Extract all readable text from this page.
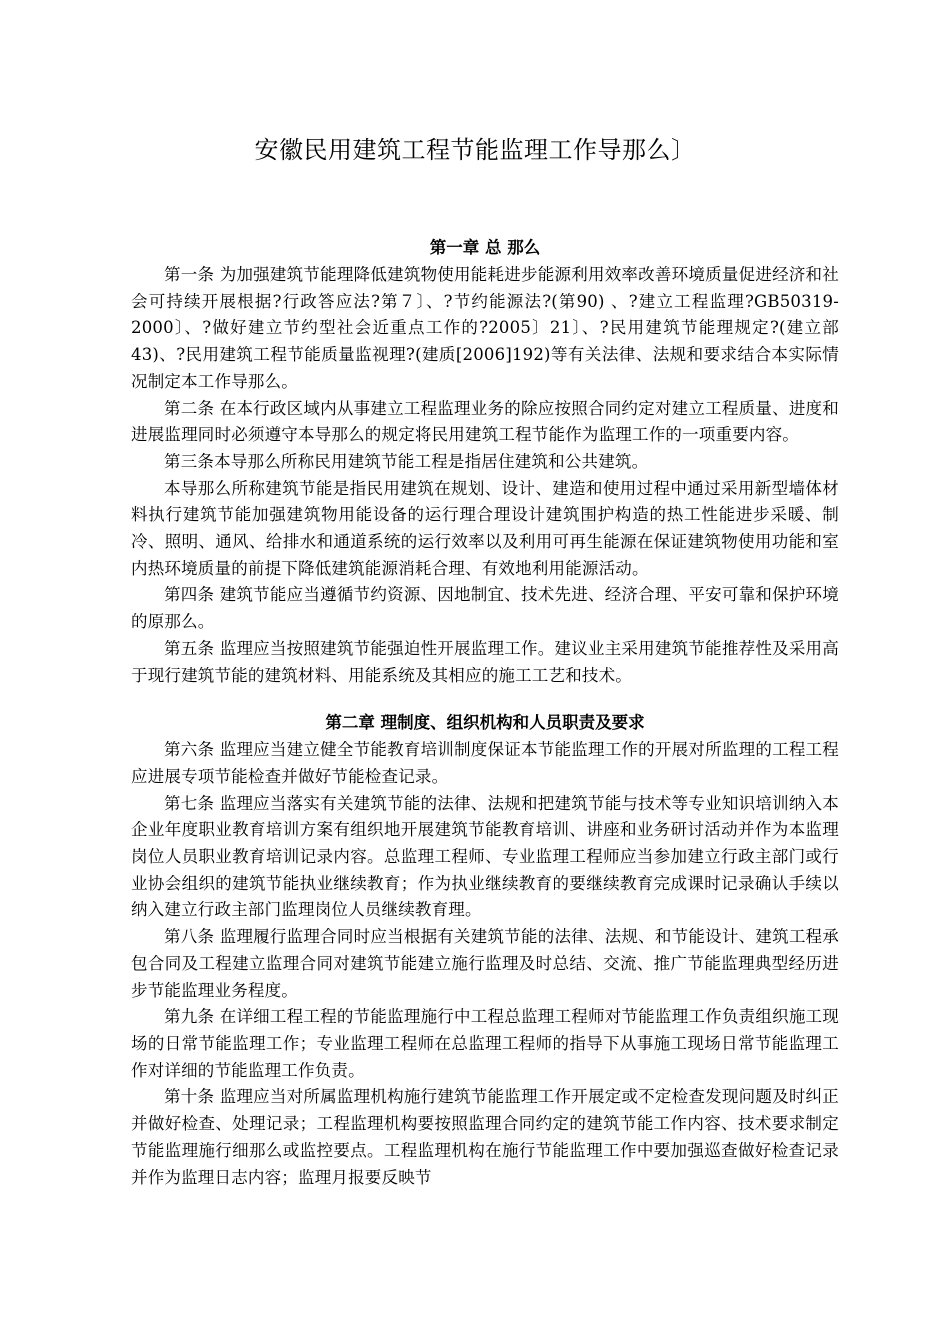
安徽民用建筑工程节能监理工作导那么〕
第一章 总 那么

第一条 为加强建筑节能理降低建筑物使用能耗进步能源利用效率改善环境质量促进经济和社会可持续开展根据?行政答应法?第７〕、?节约能源法?(第90) 、?建立工程监理?GB50319-2000〕、?做好建立节约型社会近重点工作的?2005〕21〕、?民用建筑节能理规定?(建立部43)、?民用建筑工程节能质量监视理?(建质[2006]192)等有关法律、法规和要求结合本实际情况制定本工作导那么。

第二条 在本行政区域内从事建立工程监理业务的除应按照合同约定对建立工程质量、进度和进展监理同时必须遵守本导那么的规定将民用建筑工程节能作为监理工作的一项重要内容。

第三条本导那么所称民用建筑节能工程是指居住建筑和公共建筑。

本导那么所称建筑节能是指民用建筑在规划、设计、建造和使用过程中通过采用新型墙体材料执行建筑节能加强建筑物用能设备的运行理合理设计建筑围护构造的热工性能进步采暖、制冷、照明、通风、给排水和通道系统的运行效率以及利用可再生能源在保证建筑物使用功能和室内热环境质量的前提下降低建筑能源消耗合理、有效地利用能源活动。

第四条 建筑节能应当遵循节约资源、因地制宜、技术先进、经济合理、平安可靠和保护环境的原那么。

第五条 监理应当按照建筑节能强迫性开展监理工作。建议业主采用建筑节能推荐性及采用高于现行建筑节能的建筑材料、用能系统及其相应的施工工艺和技术。

第二章 理制度、组织机构和人员职责及要求

第六条 监理应当建立健全节能教育培训制度保证本节能监理工作的开展对所监理的工程工程应进展专项节能检查并做好节能检查记录。

第七条 监理应当落实有关建筑节能的法律、法规和把建筑节能与技术等专业知识培训纳入本企业年度职业教育培训方案有组织地开展建筑节能教育培训、讲座和业务研讨活动并作为本监理岗位人员职业教育培训记录内容。总监理工程师、专业监理工程师应当参加建立行政主部门或行业协会组织的建筑节能执业继续教育；作为执业继续教育的要继续教育完成课时记录确认手续以纳入建立行政主部门监理岗位人员继续教育理。

第八条 监理履行监理合同时应当根据有关建筑节能的法律、法规、和节能设计、建筑工程承包合同及工程建立监理合同对建筑节能建立施行监理及时总结、交流、推广节能监理典型经历进步节能监理业务程度。

第九条 在详细工程工程的节能监理施行中工程总监理工程师对节能监理工作负责组织施工现场的日常节能监理工作；专业监理工程师在总监理工程师的指导下从事施工现场日常节能监理工作对详细的节能监理工作负责。

第十条 监理应当对所属监理机构施行建筑节能监理工作开展定或不定检查发现问题及时纠正并做好检查、处理记录；工程监理机构要按照监理合同约定的建筑节能工作内容、技术要求制定节能监理施行细那么或监控要点。工程监理机构在施行节能监理工作中要加强巡查做好检查记录并作为监理日志内容；监理月报要反映节
